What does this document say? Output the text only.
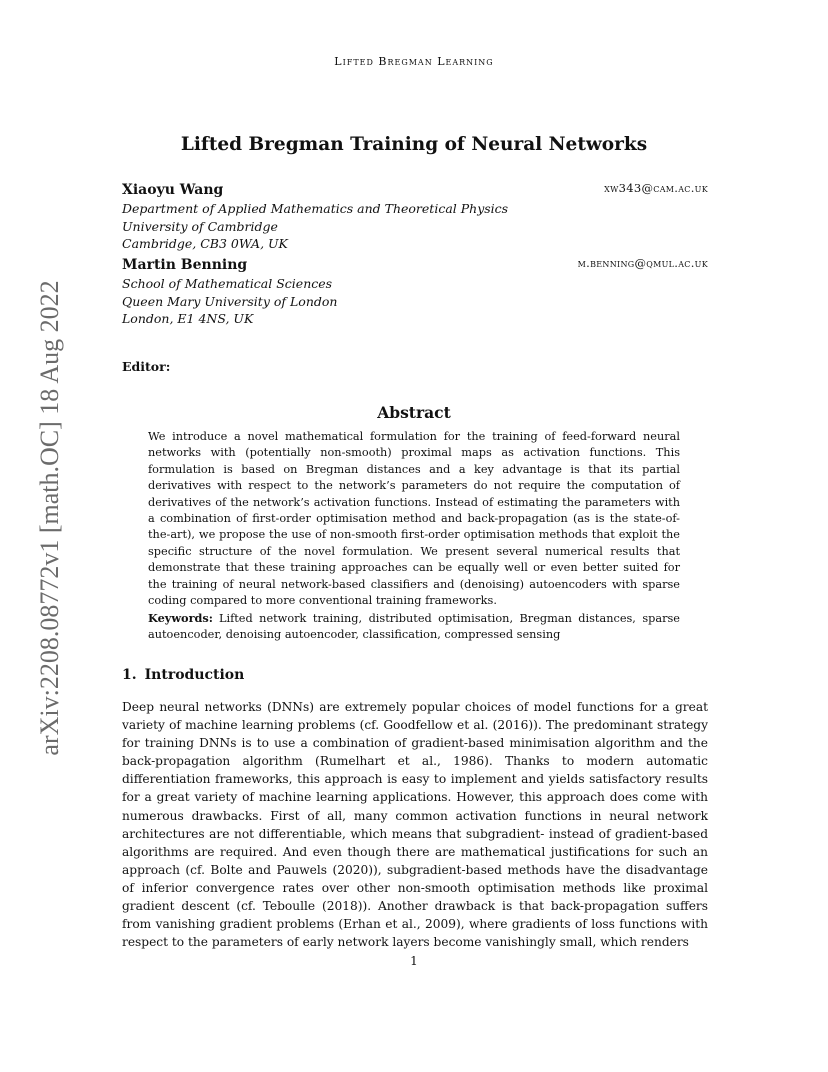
Lifted Bregman Learning
Lifted Bregman Training of Neural Networks
Xiaoyu Wang	xw343@cam.ac.uk
Department of Applied Mathematics and Theoretical Physics
University of Cambridge
Cambridge, CB3 0WA, UK
Martin Benning	m.benning@qmul.ac.uk
School of Mathematical Sciences
Queen Mary University of London
London, E1 4NS, UK
Editor:
Abstract

We introduce a novel mathematical formulation for the training of feed-forward neural networks with (potentially non-smooth) proximal maps as activation functions. This formulation is based on Bregman distances and a key advantage is that its partial derivatives with respect to the network’s parameters do not require the computation of derivatives of the network’s activation functions. Instead of estimating the parameters with a combination of first-order optimisation method and back-propagation (as is the state-of-the-art), we propose the use of non-smooth first-order optimisation methods that exploit the specific structure of the novel formulation. We present several numerical results that demonstrate that these training approaches can be equally well or even better suited for the training of neural network-based classifiers and (denoising) autoencoders with sparse coding compared to more conventional training frameworks.

Keywords: Lifted network training, distributed optimisation, Bregman distances, sparse autoencoder, denoising autoencoder, classification, compressed sensing

1. Introduction

Deep neural networks (DNNs) are extremely popular choices of model functions for a great variety of machine learning problems (cf. Goodfellow et al. (2016)). The predominant strategy for training DNNs is to use a combination of gradient-based minimisation algorithm and the back-propagation algorithm (Rumelhart et al., 1986). Thanks to modern automatic differentiation frameworks, this approach is easy to implement and yields satisfactory results for a great variety of machine learning applications. However, this approach does come with numerous drawbacks. First of all, many common activation functions in neural network architectures are not differentiable, which means that subgradient- instead of gradient-based algorithms are required. And even though there are mathematical justifications for such an approach (cf. Bolte and Pauwels (2020)), subgradient-based methods have the disadvantage of inferior convergence rates over other non-smooth optimisation methods like proximal gradient descent (cf. Teboulle (2018)). Another drawback is that back-propagation suffers from vanishing gradient problems (Erhan et al., 2009), where gradients of loss functions with respect to the parameters of early network layers become vanishingly small, which renders

arXiv:2208.08772v1 [math.OC] 18 Aug 2022
1
